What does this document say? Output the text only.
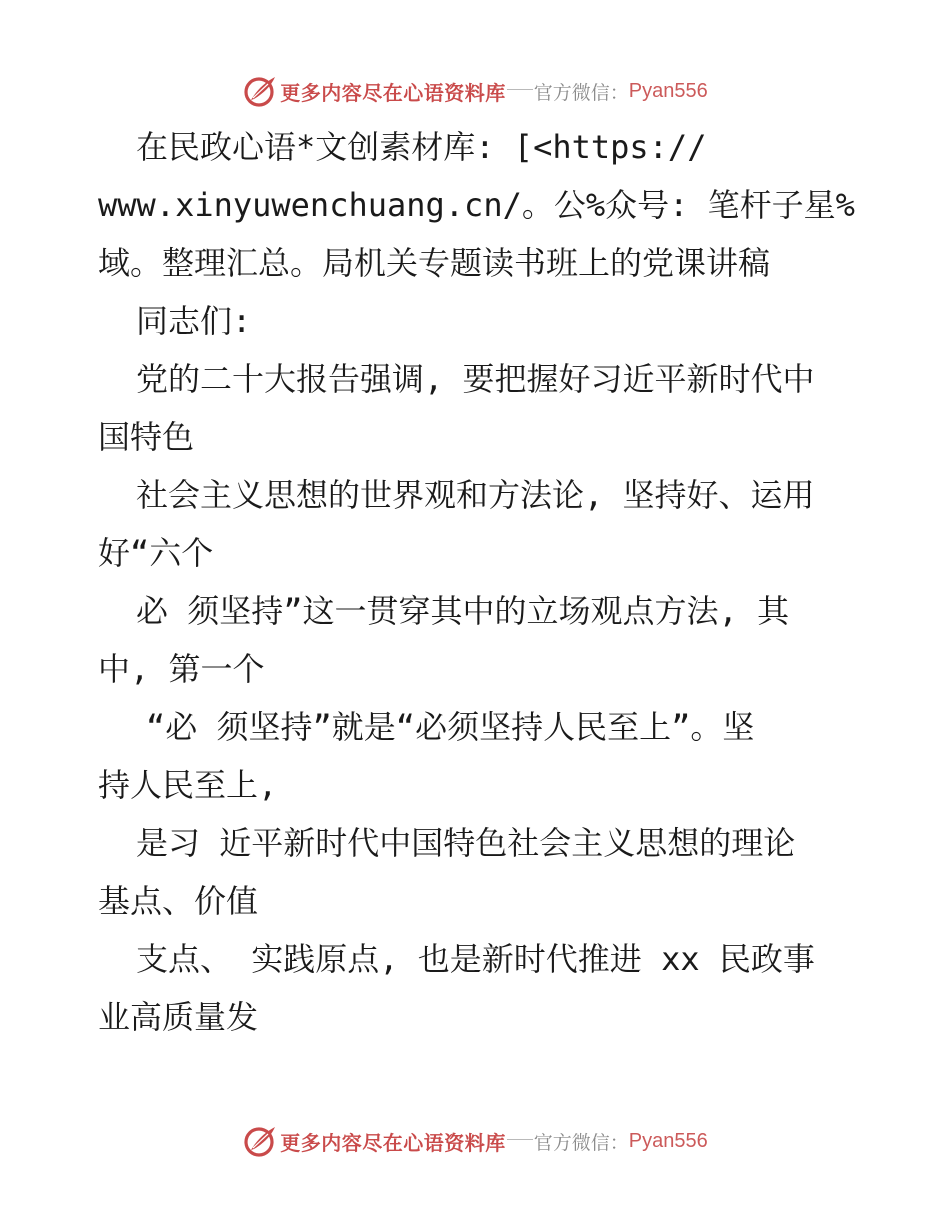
更多内容尽在心语资料库 官方微信： Pyan556
在民政心语*文创素材库: [<https://
www.xinyuwenchuang.cn/。公%众号: 笔杆子星%
域。整理汇总。局机关专题读书班上的党课讲稿
同志们:
党的二十大报告强调, 要把握好习近平新时代中
国特色
社会主义思想的世界观和方法论, 坚持好、运用
好“六个
必 须坚持”这一贯穿其中的立场观点方法, 其
中, 第一个
“必 须坚持”就是“必须坚持人民至上”。坚
持人民至上,
是习 近平新时代中国特色社会主义思想的理论
基点、价值
支点、 实践原点, 也是新时代推进 xx 民政事
业高质量发
更多内容尽在心语资料库 官方微信： Pyan556
